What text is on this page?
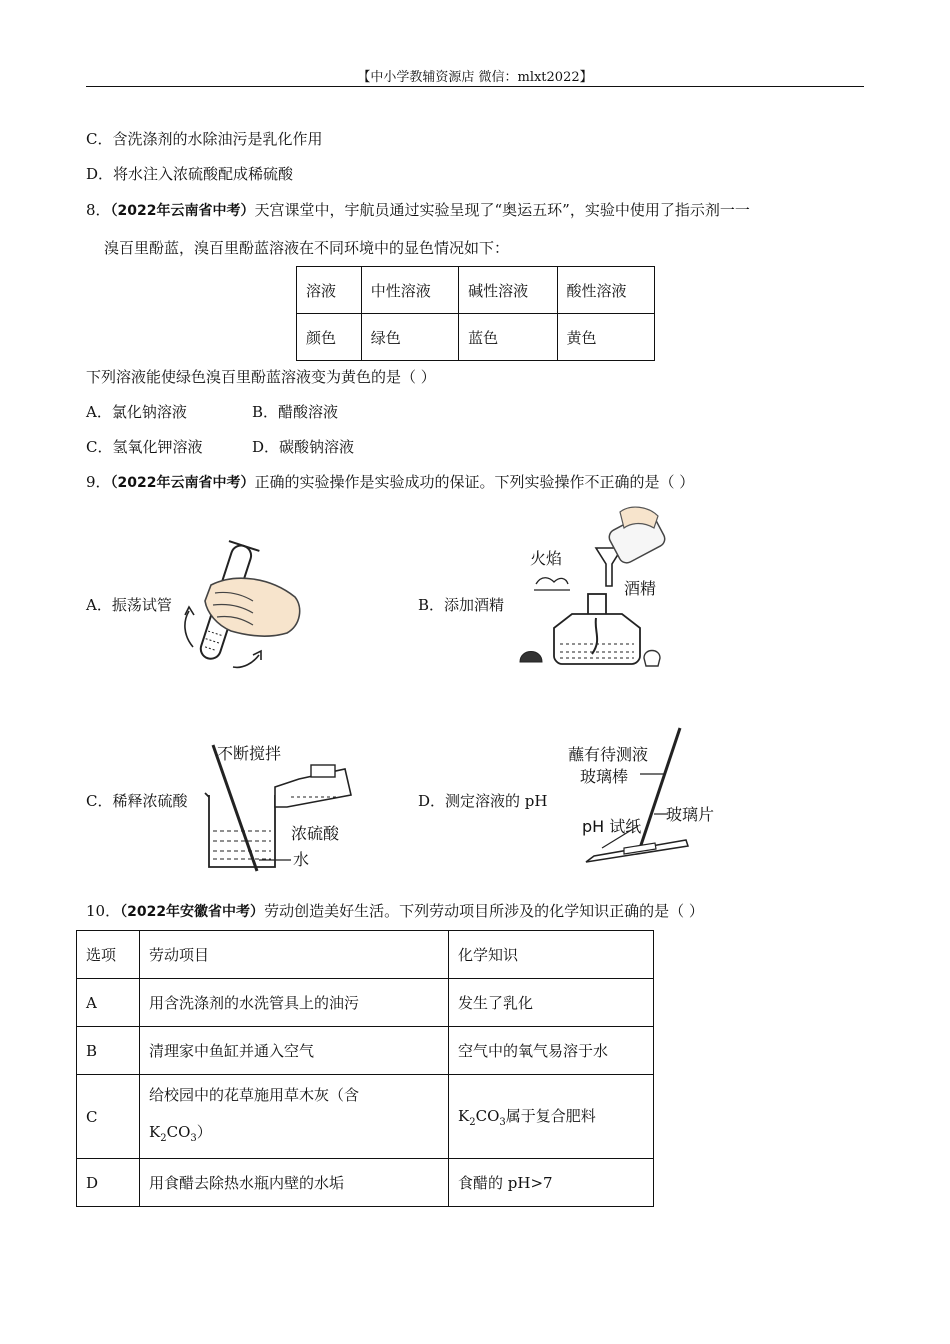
【中小学教辅资源店 微信：mlxt2022】
C．含洗涤剂的水除油污是乳化作用
D．将水注入浓硫酸配成稀硫酸
8．（2022年云南省中考）天宫课堂中，宇航员通过实验呈现了“奥运五环”，实验中使用了指示剂一一
溴百里酚蓝，溴百里酚蓝溶液在不同环境中的显色情况如下：
溶液	中性溶液	碱性溶液	酸性溶液
颜色	绿色	蓝色	黄色
下列溶液能使绿色溴百里酚蓝溶液变为黄色的是（ ）
A．氯化钠溶液	B．醋酸溶液
C．氢氧化钾溶液	D．碳酸钠溶液
9．（2022年云南省中考）正确的实验操作是实验成功的保证。下列实验操作不正确的是（ ）
A．振荡试管	B．添加酒精
C．稀释浓硫酸	D．测定溶液的 pH
火焰
酒精
不断搅拌
浓硫酸
水
蘸有待测液
玻璃棒
玻璃片
pH 试纸
10．（2022年安徽省中考）劳动创造美好生活。下列劳动项目所涉及的化学知识正确的是（ ）
选项	劳动项目	化学知识
A	用含洗涤剂的水洗管具上的油污	发生了乳化
B	清理家中鱼缸并通入空气	空气中的氧气易溶于水
C	给校园中的花草施用草木灰（含
$K_2CO_3$）	$K_2CO_3$属于复合肥料
D	用食醋去除热水瓶内壁的水垢	食醋的 pH>7
